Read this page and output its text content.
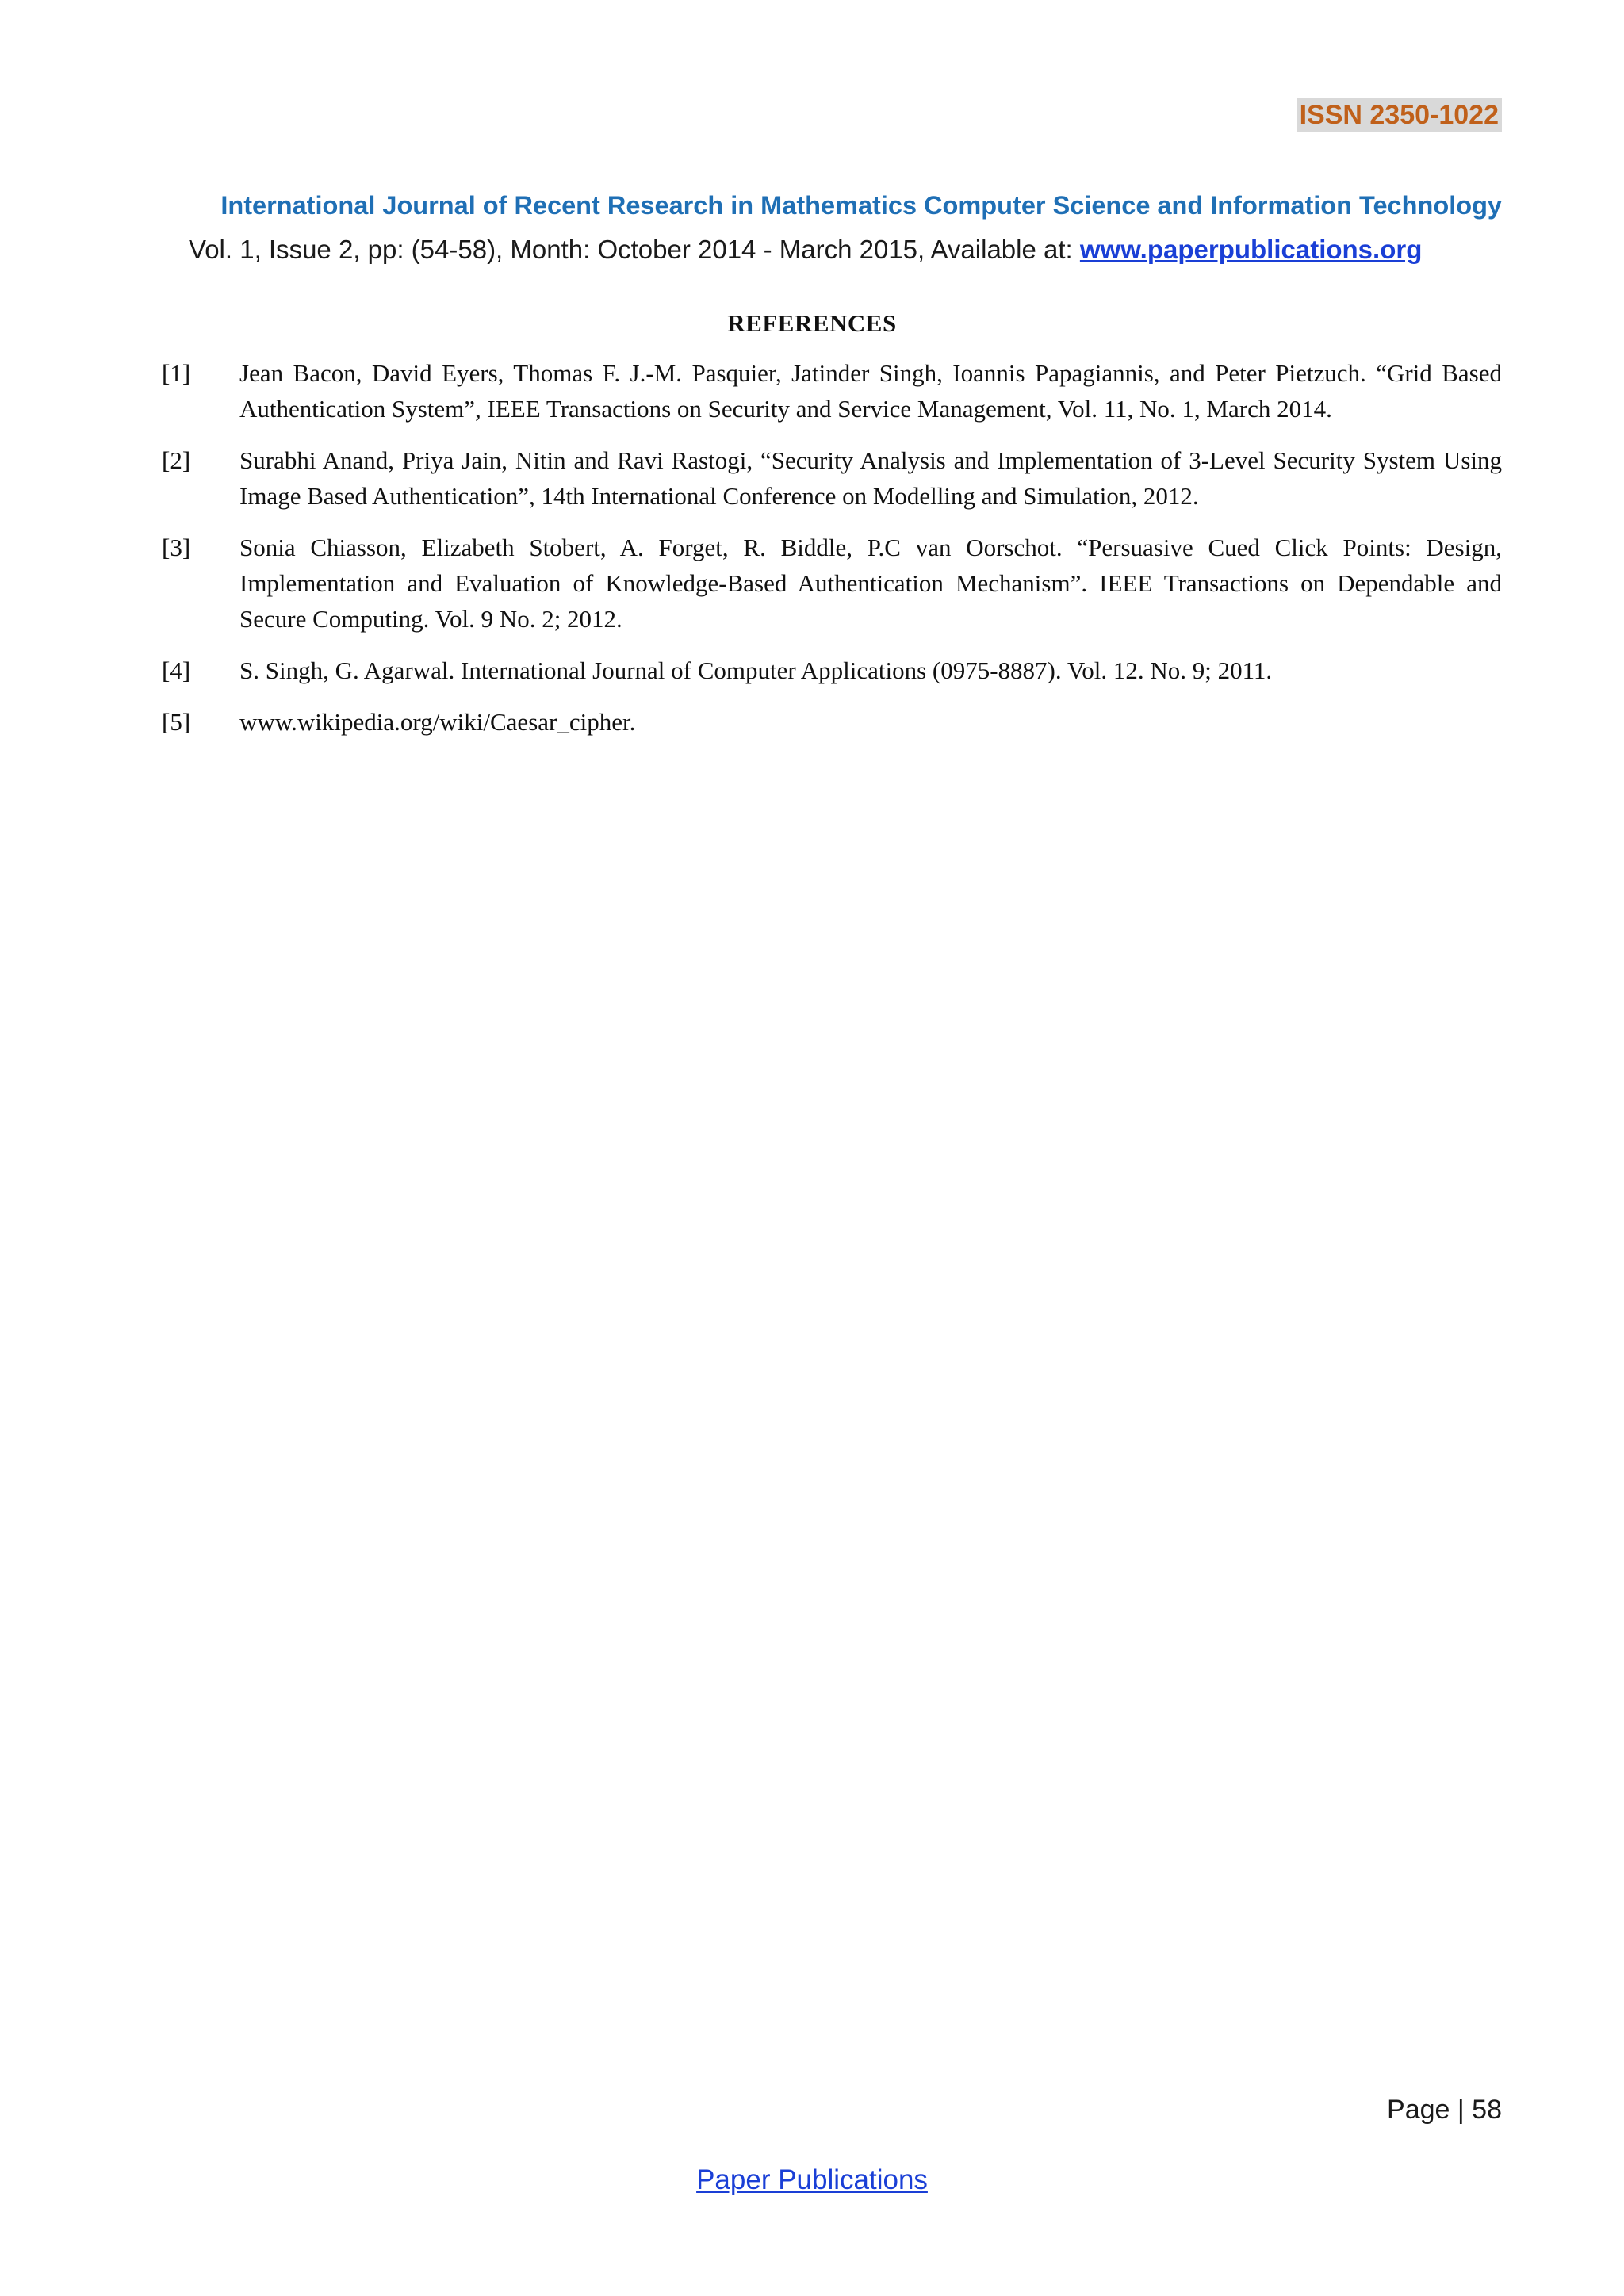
ISSN 2350-1022
International Journal of Recent Research in Mathematics Computer Science and Information Technology
Vol. 1, Issue 2, pp: (54-58), Month: October 2014 - March 2015, Available at: www.paperpublications.org
REFERENCES
[1] Jean Bacon, David Eyers, Thomas F. J.-M. Pasquier, Jatinder Singh, Ioannis Papagiannis, and Peter Pietzuch. “Grid Based Authentication System”, IEEE Transactions on Security and Service Management, Vol. 11, No. 1, March 2014.
[2] Surabhi Anand, Priya Jain, Nitin and Ravi Rastogi, “Security Analysis and Implementation of 3-Level Security System Using Image Based Authentication”, 14th International Conference on Modelling and Simulation, 2012.
[3] Sonia Chiasson, Elizabeth Stobert, A. Forget, R. Biddle, P.C van Oorschot. “Persuasive Cued Click Points: Design, Implementation and Evaluation of Knowledge-Based Authentication Mechanism”. IEEE Transactions on Dependable and Secure Computing. Vol. 9 No. 2; 2012.
[4] S. Singh, G. Agarwal. International Journal of Computer Applications (0975-8887). Vol. 12. No. 9; 2011.
[5] www.wikipedia.org/wiki/Caesar_cipher.
Page | 58
Paper Publications
